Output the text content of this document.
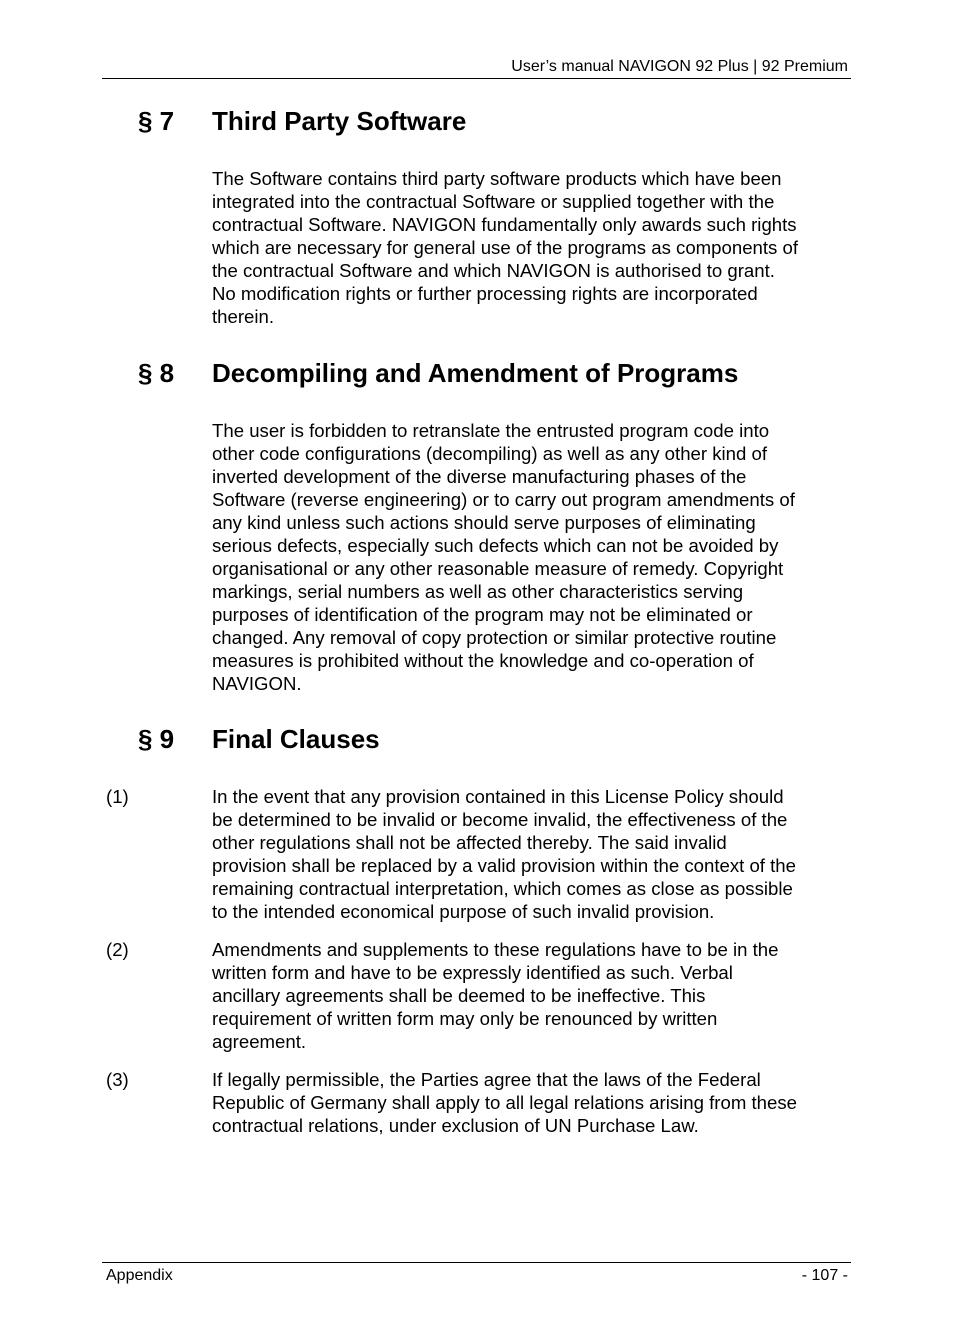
User’s manual NAVIGON 92 Plus | 92 Premium
§ 7 Third Party Software
The Software contains third party software products which have been
integrated into the contractual Software or supplied together with the
contractual Software. NAVIGON fundamentally only awards such rights
which are necessary for general use of the programs as components of
the contractual Software and which NAVIGON is authorised to grant.
No modification rights or further processing rights are incorporated
therein.
§ 8 Decompiling and Amendment of Programs
The user is forbidden to retranslate the entrusted program code into
other code configurations (decompiling) as well as any other kind of
inverted development of the diverse manufacturing phases of the
Software (reverse engineering) or to carry out program amendments of
any kind unless such actions should serve purposes of eliminating
serious defects, especially such defects which can not be avoided by
organisational or any other reasonable measure of remedy. Copyright
markings, serial numbers as well as other characteristics serving
purposes of identification of the program may not be eliminated or
changed. Any removal of copy protection or similar protective routine
measures is prohibited without the knowledge and co-operation of
NAVIGON.
§ 9 Final Clauses
(1)	In the event that any provision contained in this License Policy should
be determined to be invalid or become invalid, the effectiveness of the
other regulations shall not be affected thereby. The said invalid
provision shall be replaced by a valid provision within the context of the
remaining contractual interpretation, which comes as close as possible
to the intended economical purpose of such invalid provision.
(2)	Amendments and supplements to these regulations have to be in the
written form and have to be expressly identified as such. Verbal
ancillary agreements shall be deemed to be ineffective. This
requirement of written form may only be renounced by written
agreement.
(3)	If legally permissible, the Parties agree that the laws of the Federal
Republic of Germany shall apply to all legal relations arising from these
contractual relations, under exclusion of UN Purchase Law.
Appendix	- 107 -
